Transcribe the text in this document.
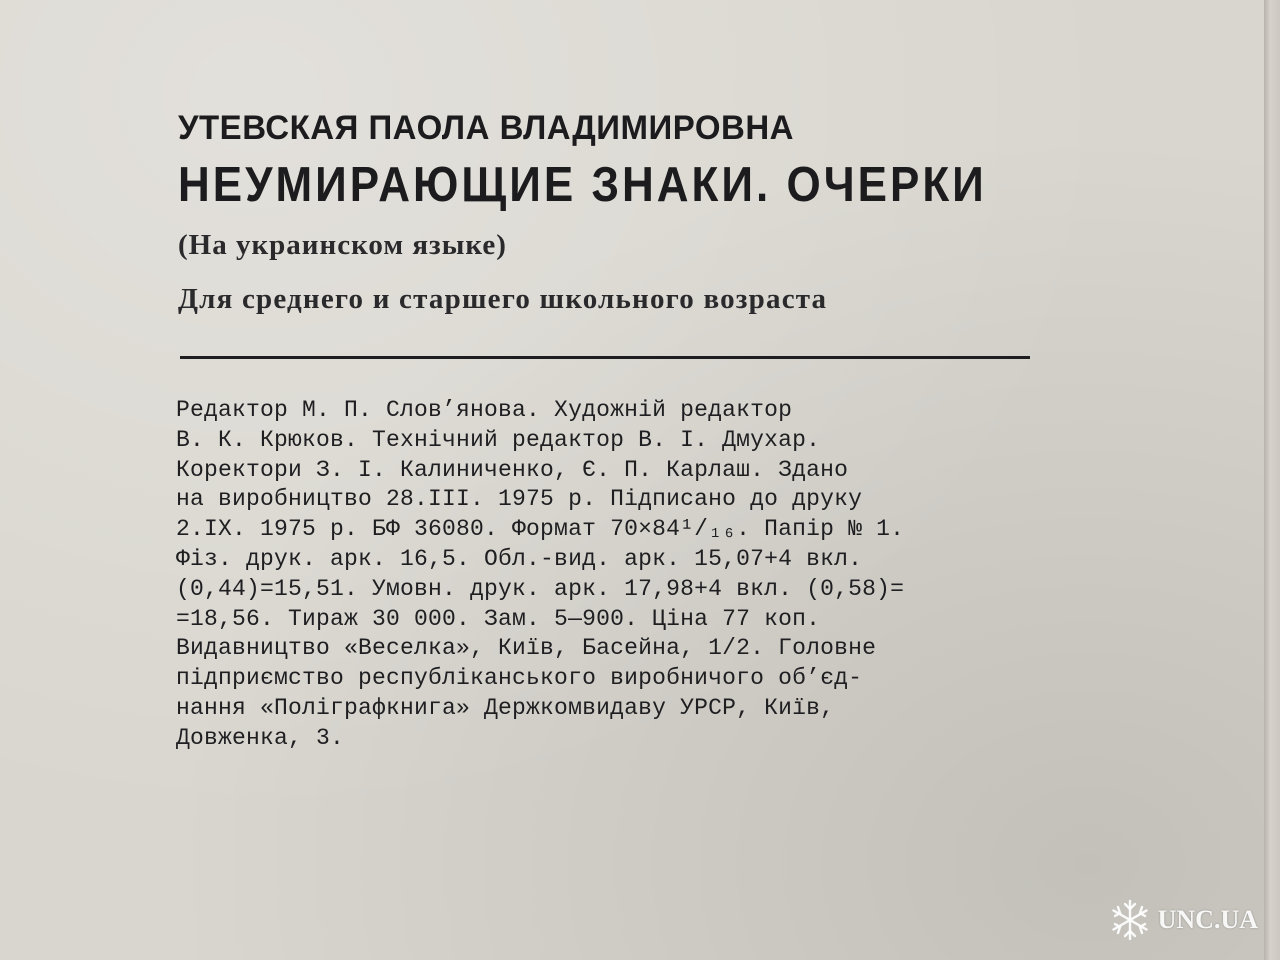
УТЕВСКАЯ ПАОЛА ВЛАДИМИРОВНА
НЕУМИРАЮЩИЕ ЗНАКИ. ОЧЕРКИ
(На украинском языке)
Для среднего и старшего школьного возраста
Редактор М. П. Слов’янова. Художній редактор
В. К. Крюков. Технічний редактор В. І. Дмухар.
Коректори З. І. Калиниченко, Є. П. Карлаш. Здано
на виробництво 28.III. 1975 р. Підписано до друку
2.IX. 1975 р. БФ 36080. Формат 70×84¹/₁₆. Папір № 1.
Фіз. друк. арк. 16,5. Обл.-вид. арк. 15,07+4 вкл.
(0,44)=15,51. Умовн. друк. арк. 17,98+4 вкл. (0,58)=
=18,56. Тираж 30 000. Зам. 5—900. Ціна 77 коп.
Видавництво «Веселка», Київ, Басейна, 1/2. Головне
підприємство республіканського виробничого об’єд-
нання «Поліграфкнига» Держкомвидаву УРСР, Київ,
Довженка, 3.
UNC.UA
